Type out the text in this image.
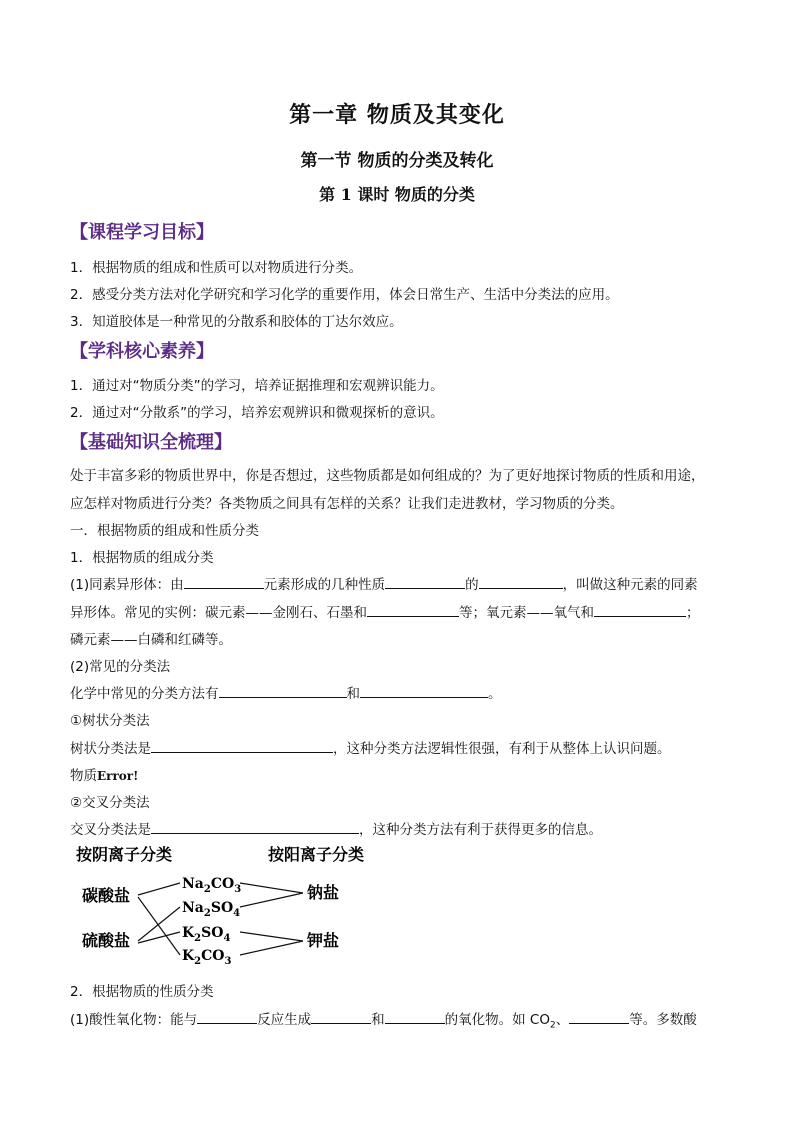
第一章 物质及其变化
第一节 物质的分类及转化
第 1 课时 物质的分类
【课程学习目标】
1．根据物质的组成和性质可以对物质进行分类。
2．感受分类方法对化学研究和学习化学的重要作用，体会日常生产、生活中分类法的应用。
3．知道胶体是一种常见的分散系和胶体的丁达尔效应。
【学科核心素养】
1．通过对“物质分类”的学习，培养证据推理和宏观辨识能力。
2．通过对“分散系”的学习，培养宏观辨识和微观探析的意识。
【基础知识全梳理】
处于丰富多彩的物质世界中，你是否想过，这些物质都是如何组成的？为了更好地探讨物质的性质和用途，
应怎样对物质进行分类？各类物质之间具有怎样的关系？让我们走进教材，学习物质的分类。
一．根据物质的组成和性质分类
1．根据物质的组成分类
(1)同素异形体：由	元素形成的几种性质	的	，叫做这种元素的同素
异形体。常见的实例：碳元素——金刚石、石墨和	等；氧元素——氧气和	；
磷元素——白磷和红磷等。
(2)常见的分类法
化学中常见的分类方法有	和	。
①树状分类法
树状分类法是	，这种分类方法逻辑性很强，有利于从整体上认识问题。
物质Error!
②交叉分类法
交叉分类法是	，这种分类方法有利于获得更多的信息。
按阴离子分类	按阳离子分类
碳酸盐
硫酸盐
钠盐
钾盐
$Na_2CO_3$
$Na_2SO_4$
$K_2SO_4$
$K_2CO_3$
2．根据物质的性质分类
(1)酸性氧化物：能与	反应生成	和	的氧化物。如 $CO_2$、	等。多数酸
